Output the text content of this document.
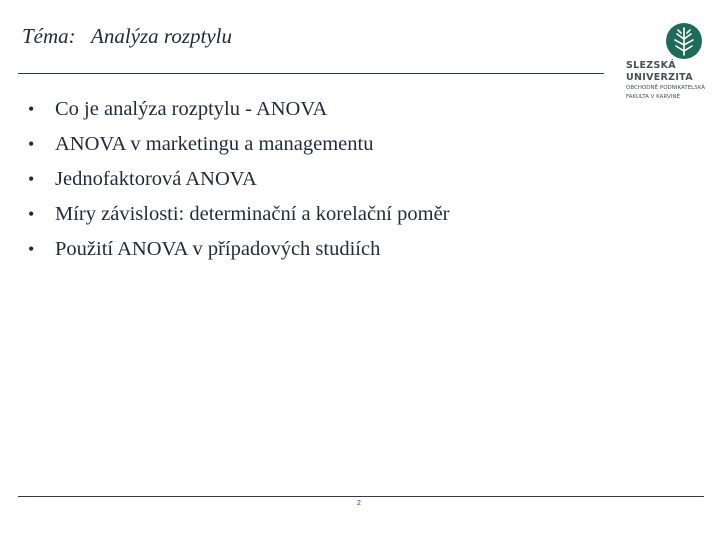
Téma:   Analýza rozptylu
SLEZSKÁ
UNIVERZITA
OBCHODNĚ PODNIKATELSKÁ
FAKULTA V KARVINÉ
•	Co je analýza rozptylu - ANOVA
•	ANOVA v marketingu a managementu
•	Jednofaktorová ANOVA
•	Míry závislosti: determinační a korelační poměr
•	Použití ANOVA v případových studiích
2
